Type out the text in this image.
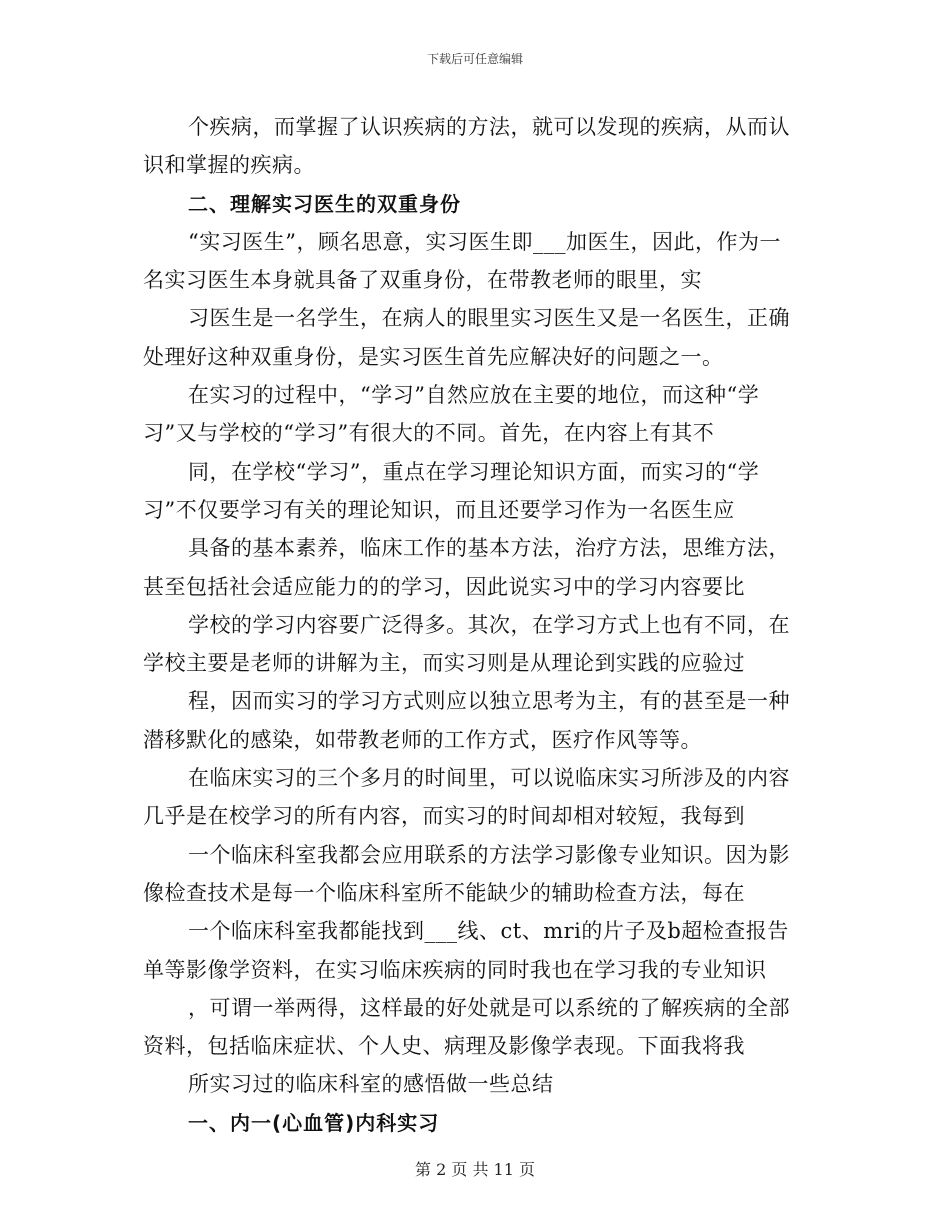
下载后可任意编辑
个疾病，而掌握了认识疾病的方法，就可以发现的疾病，从而认
识和掌握的疾病。
二、理解实习医生的双重身份
“实习医生”，顾名思意，实习医生即___加医生，因此，作为一
名实习医生本身就具备了双重身份，在带教老师的眼里，实
习医生是一名学生，在病人的眼里实习医生又是一名医生，正确
处理好这种双重身份，是实习医生首先应解决好的问题之一。
在实习的过程中，“学习”自然应放在主要的地位，而这种“学
习”又与学校的“学习”有很大的不同。首先，在内容上有其不
同，在学校“学习”，重点在学习理论知识方面，而实习的“学
习”不仅要学习有关的理论知识，而且还要学习作为一名医生应
具备的基本素养，临床工作的基本方法，治疗方法，思维方法，
甚至包括社会适应能力的的学习，因此说实习中的学习内容要比
学校的学习内容要广泛得多。其次，在学习方式上也有不同，在
学校主要是老师的讲解为主，而实习则是从理论到实践的应验过
程，因而实习的学习方式则应以独立思考为主，有的甚至是一种
潜移默化的感染，如带教老师的工作方式，医疗作风等等。
在临床实习的三个多月的时间里，可以说临床实习所涉及的内容
几乎是在校学习的所有内容，而实习的时间却相对较短，我每到
一个临床科室我都会应用联系的方法学习影像专业知识。因为影
像检查技术是每一个临床科室所不能缺少的辅助检查方法，每在
一个临床科室我都能找到___线、ct、mri的片子及b超检查报告
单等影像学资料，在实习临床疾病的同时我也在学习我的专业知识
，可谓一举两得，这样最的好处就是可以系统的了解疾病的全部
资料，包括临床症状、个人史、病理及影像学表现。下面我将我
所实习过的临床科室的感悟做一些总结
一、内一(心血管)内科实习
第 2 页 共 11 页
